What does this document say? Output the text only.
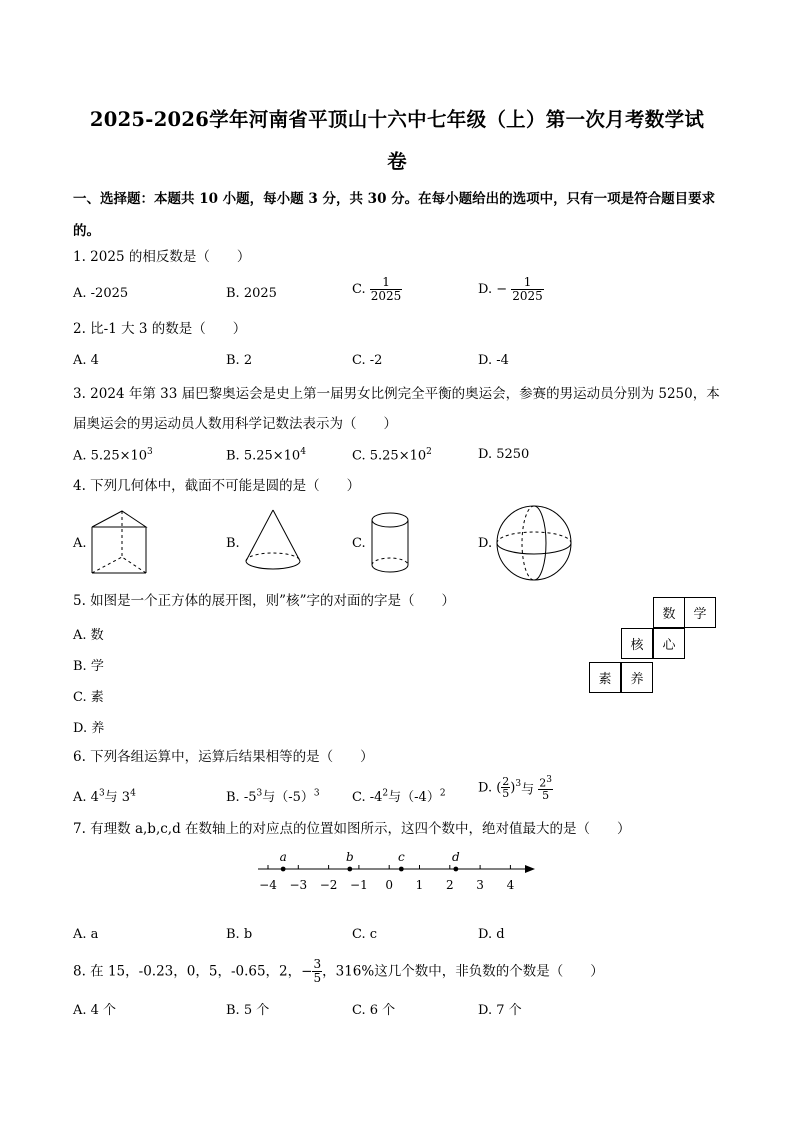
2025-2026学年河南省平顶山十六中七年级（上）第一次月考数学试
卷
一、选择题：本题共 10 小题，每小题 3 分，共 30 分。在每小题给出的选项中，只有一项是符合题目要求
的。
1. 2025 的相反数是（　　）
A. -2025	B. 2025	C. $\frac{1}{2025}$	D. − $\frac{1}{2025}$
2. 比-1 大 3 的数是（　　）
A. 4	B. 2	C. -2	D. -4
3. 2024 年第 33 届巴黎奥运会是史上第一届男女比例完全平衡的奥运会，参赛的男运动员分别为 5250，本
届奥运会的男运动员人数用科学记数法表示为（　　）
A. $5.25\times 10^3$	B. $5.25\times 10^4$	C. $5.25\times 10^2$	D. 5250
4. 下列几何体中，截面不可能是圆的是（　　）
A.	B.	C.	D.
5. 如图是一个正方体的展开图，则”核”字的对面的字是（　　）
A. 数
B. 学
C. 素
D. 养
数	学
核	心
素	养
6. 下列各组运算中，运算后结果相等的是（　　）
A. $4^3$与 $3^4$	B. $-5^3$与$(-5)^3$ C. $-4^2$与$(-4)^2$ D. ( $\frac{2}{5} )^3$与 $\frac{2^3}{5}$
7. 有理数 a,b,c,d 在数轴上的对应点的位置如图所示，这四个数中，绝对值最大的是（　　）
−4 −3 −2 −1 0 1 2 3 4
a	b	c	d
A. a	B. b	C. c	D. d
8. 在 15，-0.23，0，5，-0.65，2，− $\frac{3}{5}$ ，316%这几个数中，非负数的个数是（　　）
A. 4 个	B. 5 个	C. 6 个	D. 7 个
